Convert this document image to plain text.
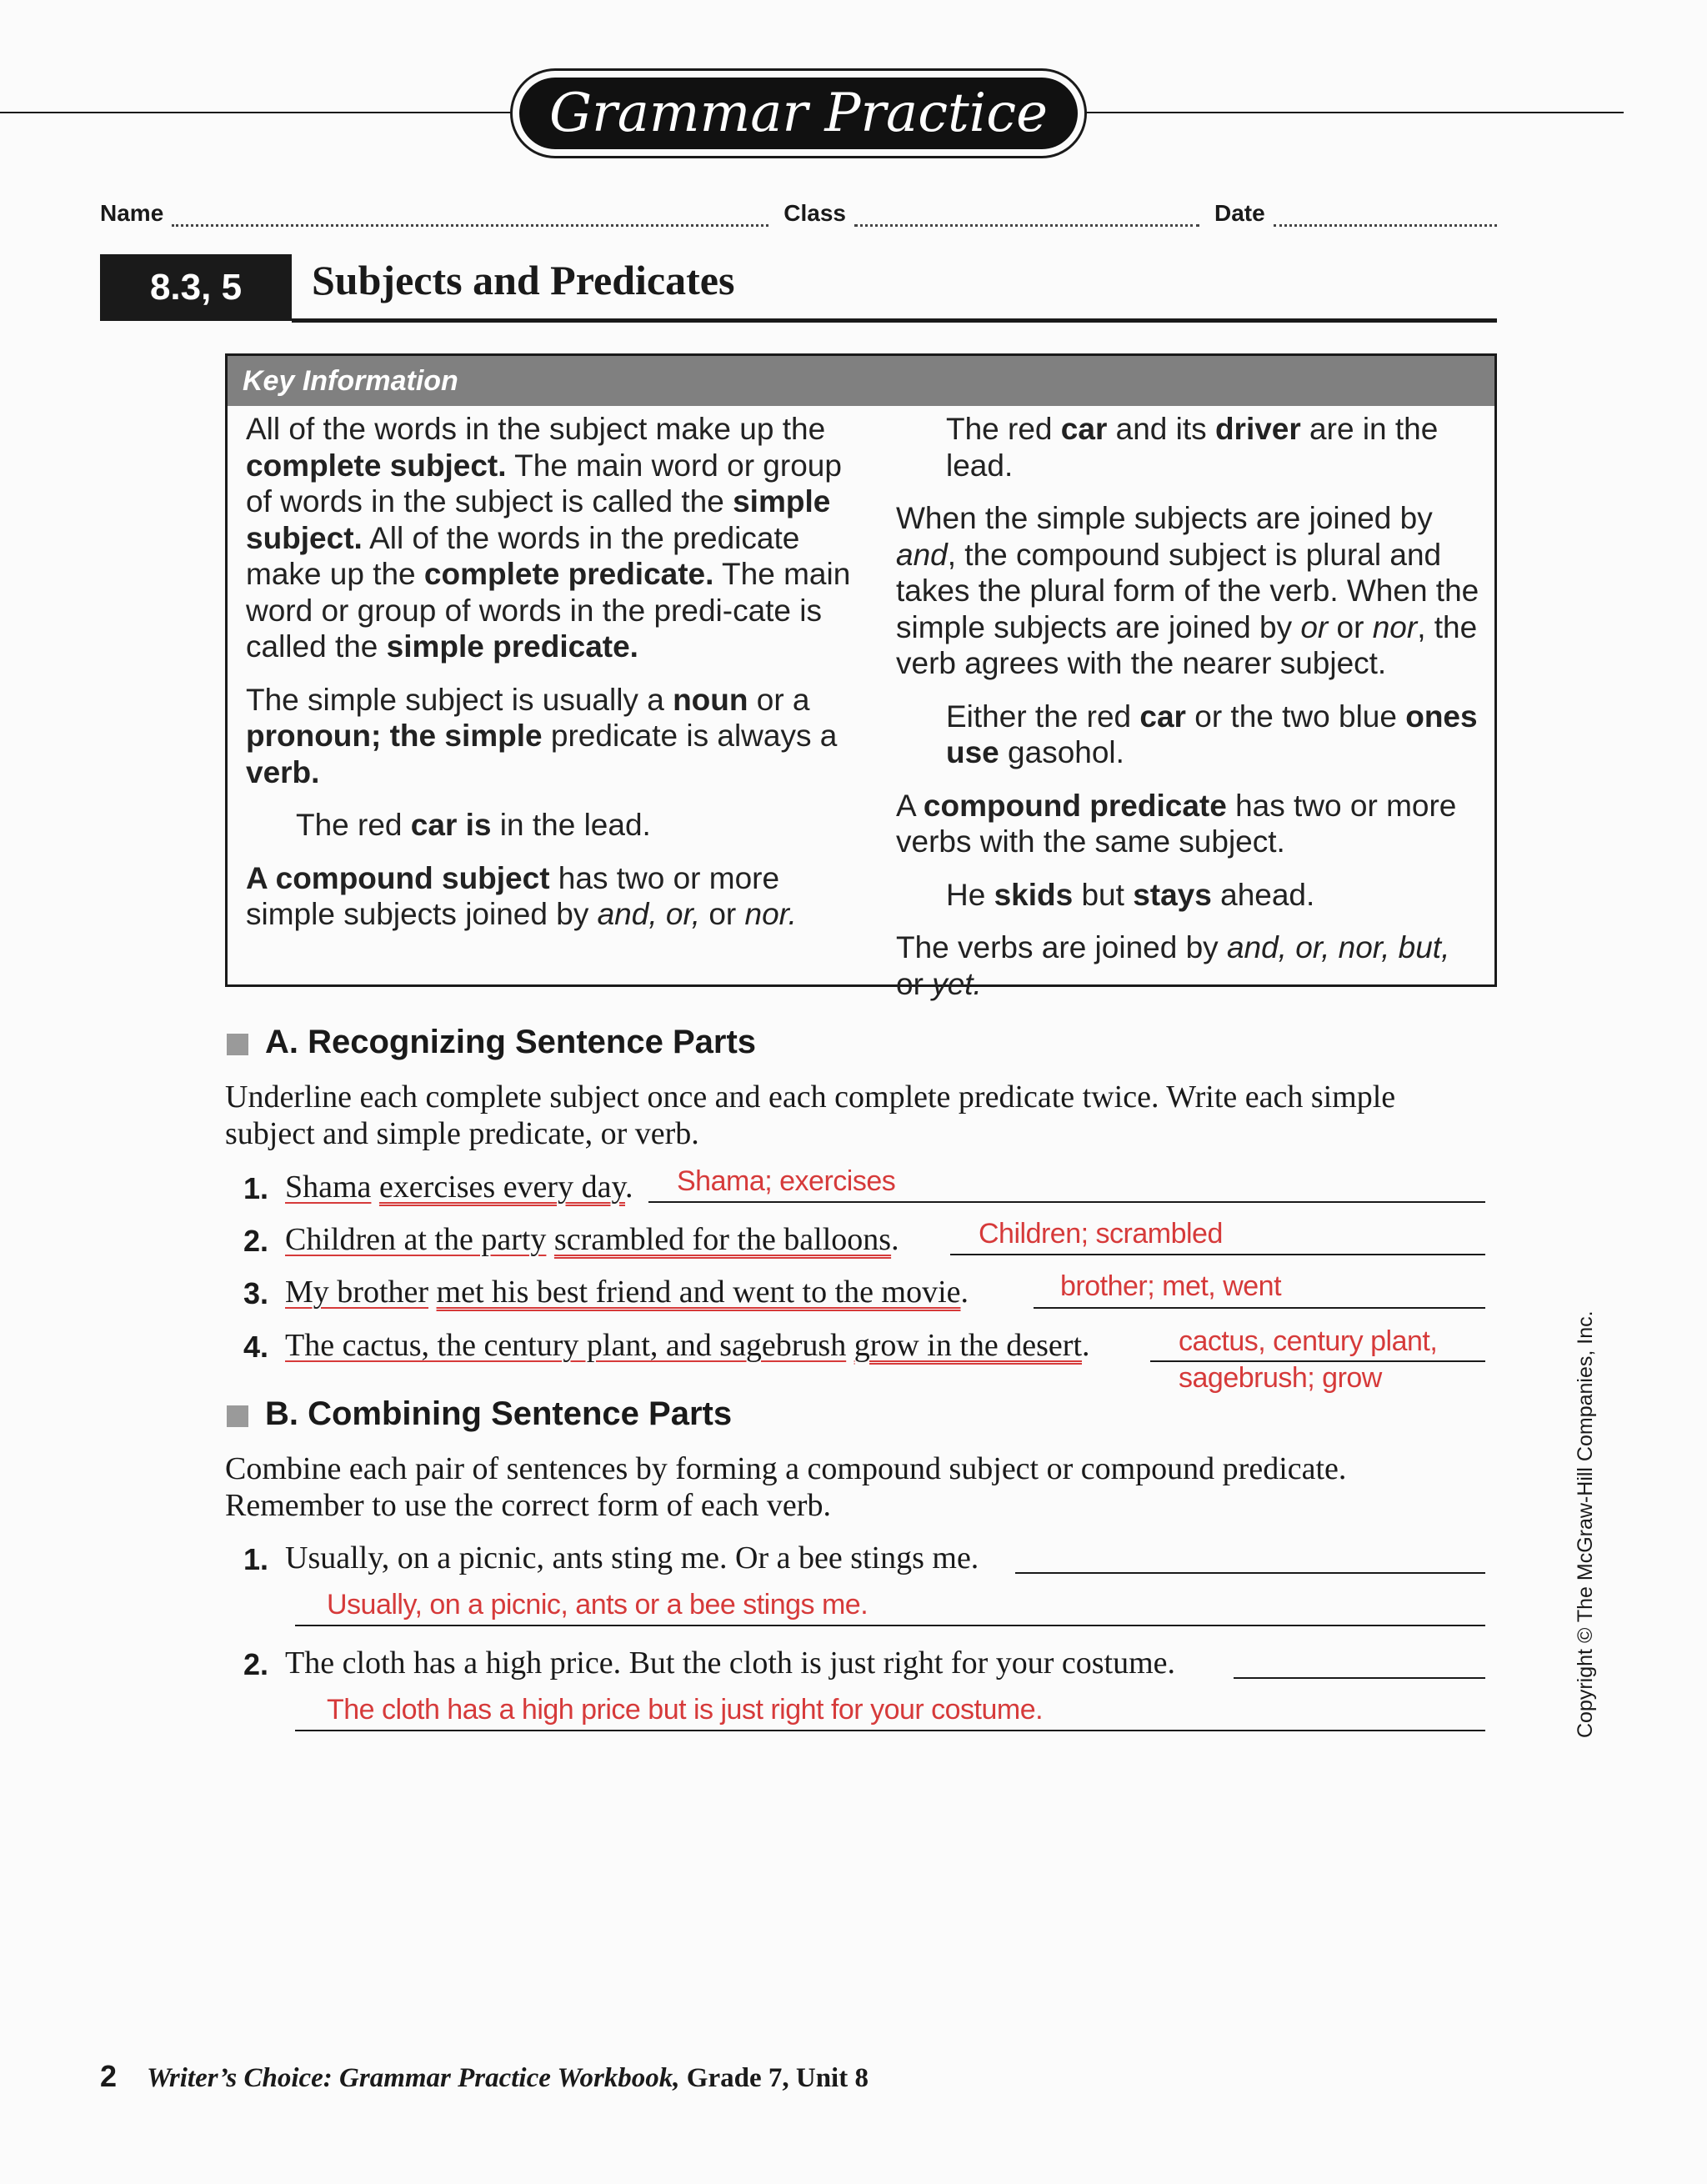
Grammar Practice
Name	Class	Date
8.3, 5	Subjects and Predicates
Key Information

All of the words in the subject make up the complete subject. The main word or group of words in the subject is called the simple subject. All of the words in the predicate make up the complete predicate. The main word or group of words in the predi-cate is called the simple predicate.

The simple subject is usually a noun or a pronoun; the simple predicate is always a verb.

The red car is in the lead.

A compound subject has two or more simple subjects joined by and, or, or nor.

The red car and its driver are in the lead.

When the simple subjects are joined by and, the compound subject is plural and takes the plural form of the verb. When the simple subjects are joined by or or nor, the verb agrees with the nearer subject.

Either the red car or the two blue ones use gasohol.

A compound predicate has two or more verbs with the same subject.

He skids but stays ahead.

The verbs are joined by and, or, nor, but, or yet.

A. Recognizing Sentence Parts
Underline each complete subject once and each complete predicate twice. Write each simple subject and simple predicate, or verb.
1. Shama exercises every day. Shama; exercises
2. Children at the party scrambled for the balloons.	Children; scrambled
3. My brother met his best friend and went to the movie.	brother; met, went
4. The cactus, the century plant, and sagebrush grow in the desert.	cactus, century plant,
sagebrush; grow
B. Combining Sentence Parts
Combine each pair of sentences by forming a compound subject or compound predicate. Remember to use the correct form of each verb.
1. Usually, on a picnic, ants sting me. Or a bee stings me.
Usually, on a picnic, ants or a bee stings me.
2. The cloth has a high price. But the cloth is just right for your costume.
The cloth has a high price but is just right for your costume.	Copyright © The McGraw-Hill Companies, Inc.
2 Writer’s Choice: Grammar Practice Workbook, Grade 7, Unit 8
